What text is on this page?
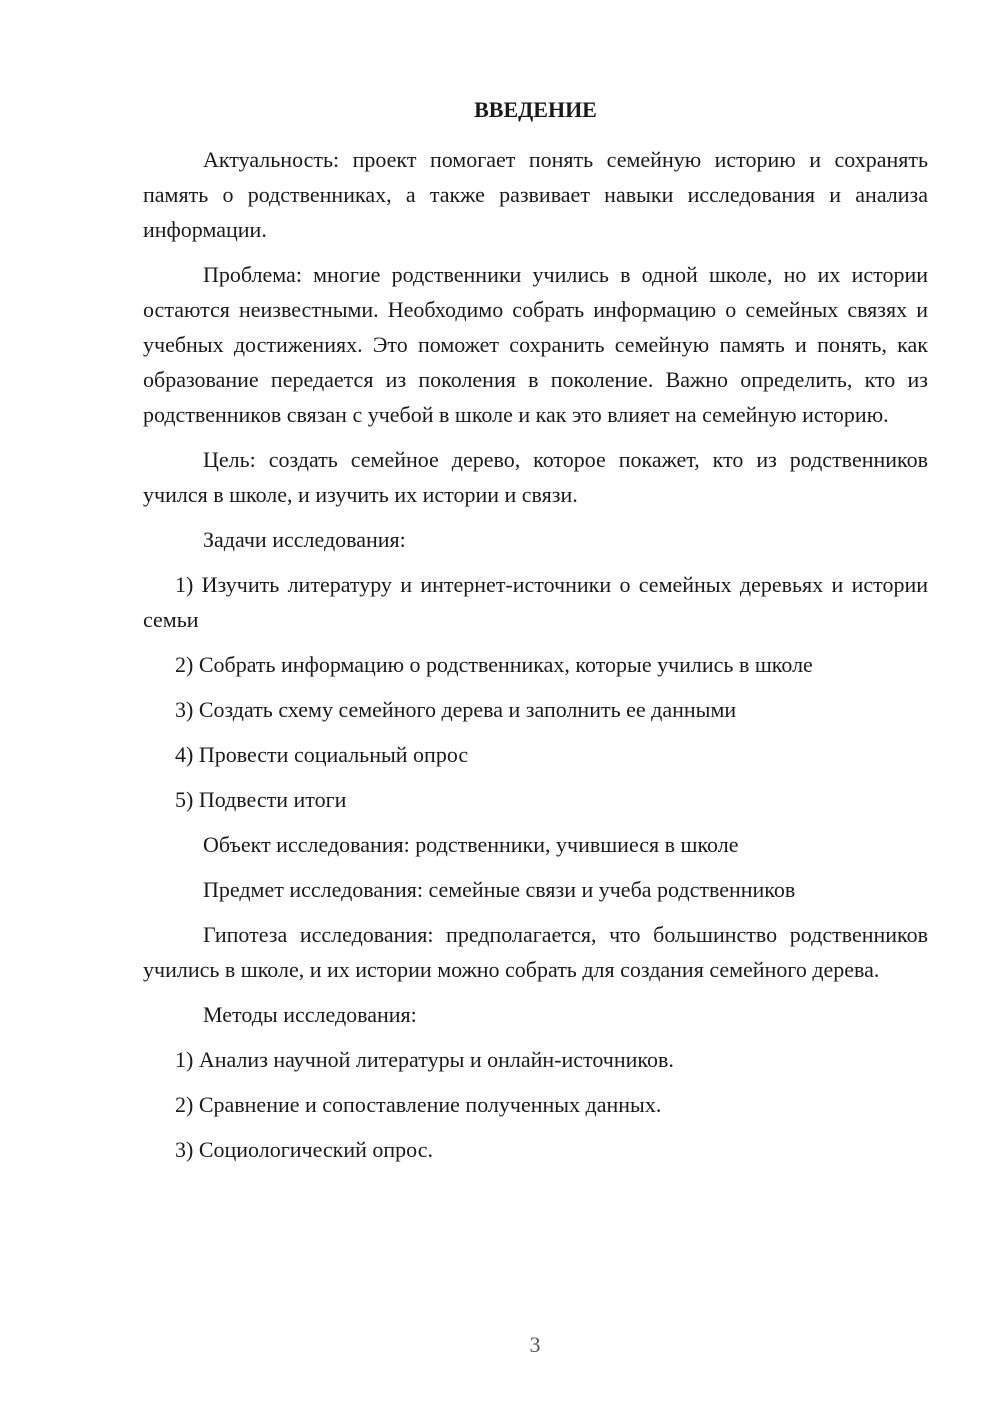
ВВЕДЕНИЕ

Актуальность: проект помогает понять семейную историю и сохранять память о родственниках, а также развивает навыки исследования и анализа информации.

Проблема: многие родственники учились в одной школе, но их истории остаются неизвестными. Необходимо собрать информацию о семейных связях и учебных достижениях. Это поможет сохранить семейную память и понять, как образование передается из поколения в поколение. Важно определить, кто из родственников связан с учебой в школе и как это влияет на семейную историю.

Цель: создать семейное дерево, которое покажет, кто из родственников учился в школе, и изучить их истории и связи.

Задачи исследования:

1) Изучить литературу и интернет-источники о семейных деревьях и истории семьи

2) Собрать информацию о родственниках, которые учились в школе

3) Создать схему семейного дерева и заполнить ее данными

4) Провести социальный опрос

5) Подвести итоги

Объект исследования: родственники, учившиеся в школе

Предмет исследования: семейные связи и учеба родственников

Гипотеза исследования: предполагается, что большинство родственников учились в школе, и их истории можно собрать для создания семейного дерева.

Методы исследования:

1) Анализ научной литературы и онлайн-источников.

2) Сравнение и сопоставление полученных данных.

3) Социологический опрос.

3
